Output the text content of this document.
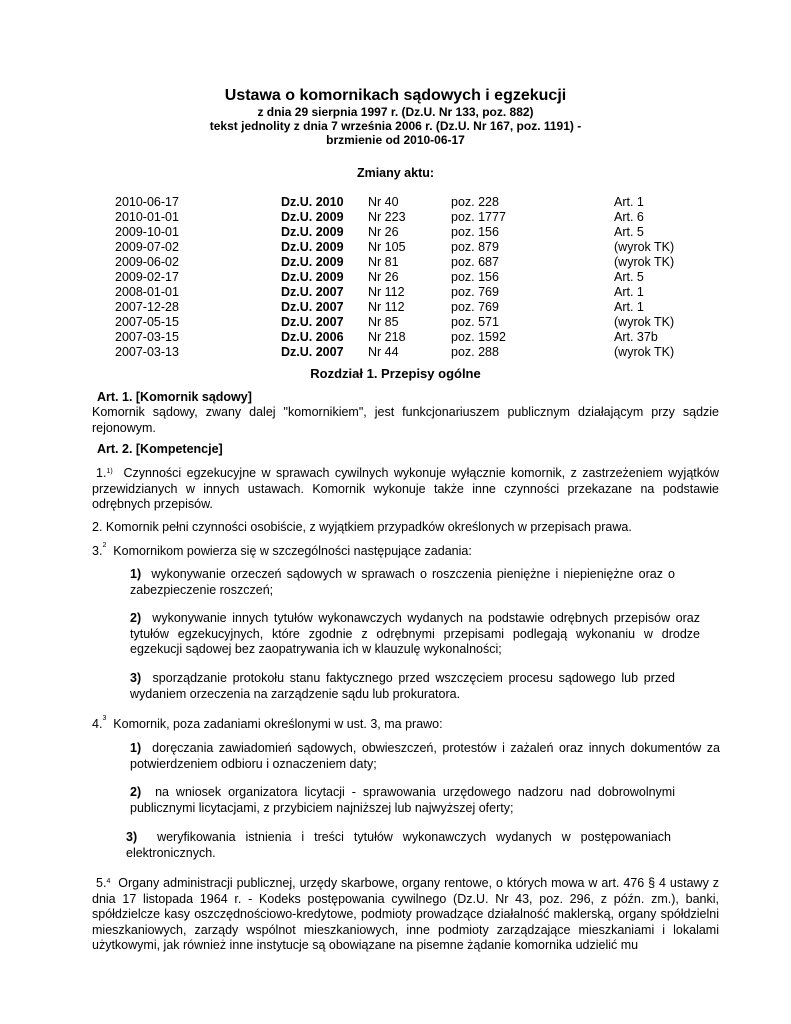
Ustawa o komornikach sądowych i egzekucji
z dnia 29 sierpnia 1997 r. (Dz.U. Nr 133, poz. 882)
tekst jednolity z dnia 7 września 2006 r. (Dz.U. Nr 167, poz. 1191) -
brzmienie od 2010-06-17
Zmiany aktu:
2010-06-17	Dz.U. 2010 Nr 40	poz. 228	Art. 1
2010-01-01	Dz.U. 2009 Nr 223	poz. 1777	Art. 6
2009-10-01	Dz.U. 2009 Nr 26	poz. 156	Art. 5
2009-07-02	Dz.U. 2009 Nr 105	poz. 879	(wyrok TK)
2009-06-02	Dz.U. 2009 Nr 81	poz. 687	(wyrok TK)
2009-02-17	Dz.U. 2009 Nr 26	poz. 156	Art. 5
2008-01-01	Dz.U. 2007 Nr 112	poz. 769	Art. 1
2007-12-28	Dz.U. 2007 Nr 112	poz. 769	Art. 1
2007-05-15	Dz.U. 2007 Nr 85	poz. 571	(wyrok TK)
2007-03-15	Dz.U. 2006 Nr 218	poz. 1592	Art. 37b
2007-03-13	Dz.U. 2007 Nr 44	poz. 288	(wyrok TK)
Rozdział 1. Przepisy ogólne
Art. 1. [Komornik sądowy]
Komornik sądowy, zwany dalej "komornikiem", jest funkcjonariuszem publicznym działającym przy sądzie rejonowym.
Art. 2. [Kompetencje]
1.$^{1)}$ Czynności egzekucyjne w sprawach cywilnych wykonuje wyłącznie komornik, z zastrzeżeniem wyjątków przewidzianych w innych ustawach. Komornik wykonuje także inne czynności przekazane na podstawie odrębnych przepisów.
2. Komornik pełni czynności osobiście, z wyjątkiem przypadków określonych w przepisach prawa.
3.$^2$ Komornikom powierza się w szczególności następujące zadania:
1) wykonywanie orzeczeń sądowych w sprawach o roszczenia pieniężne i niepieniężne oraz o zabezpieczenie roszczeń;
2) wykonywanie innych tytułów wykonawczych wydanych na podstawie odrębnych przepisów oraz tytułów egzekucyjnych, które zgodnie z odrębnymi przepisami podlegają wykonaniu w drodze egzekucji sądowej bez zaopatrywania ich w klauzulę wykonalności;
3) sporządzanie protokołu stanu faktycznego przed wszczęciem procesu sądowego lub przed wydaniem orzeczenia na zarządzenie sądu lub prokuratora.
4.$^3$ Komornik, poza zadaniami określonymi w ust. 3, ma prawo:
1) doręczania zawiadomień sądowych, obwieszczeń, protestów i zażaleń oraz innych dokumentów za potwierdzeniem odbioru i oznaczeniem daty;
2) na wniosek organizatora licytacji - sprawowania urzędowego nadzoru nad dobrowolnymi publicznymi licytacjami, z przybiciem najniższej lub najwyższej oferty;
3) weryfikowania istnienia i treści tytułów wykonawczych wydanych w postępowaniach elektronicznych.
5.$^4$ Organy administracji publicznej, urzędy skarbowe, organy rentowe, o których mowa w art. 476 § 4 ustawy z dnia 17 listopada 1964 r. - Kodeks postępowania cywilnego (Dz.U. Nr 43, poz. 296, z późn. zm.), banki, spółdzielcze kasy oszczędnościowo-kredytowe, podmioty prowadzące działalność maklerską, organy spółdzielni mieszkaniowych, zarządy wspólnot mieszkaniowych, inne podmioty zarządzające mieszkaniami i lokalami użytkowymi, jak również inne instytucje są obowiązane na pisemne żądanie komornika udzielić mu
